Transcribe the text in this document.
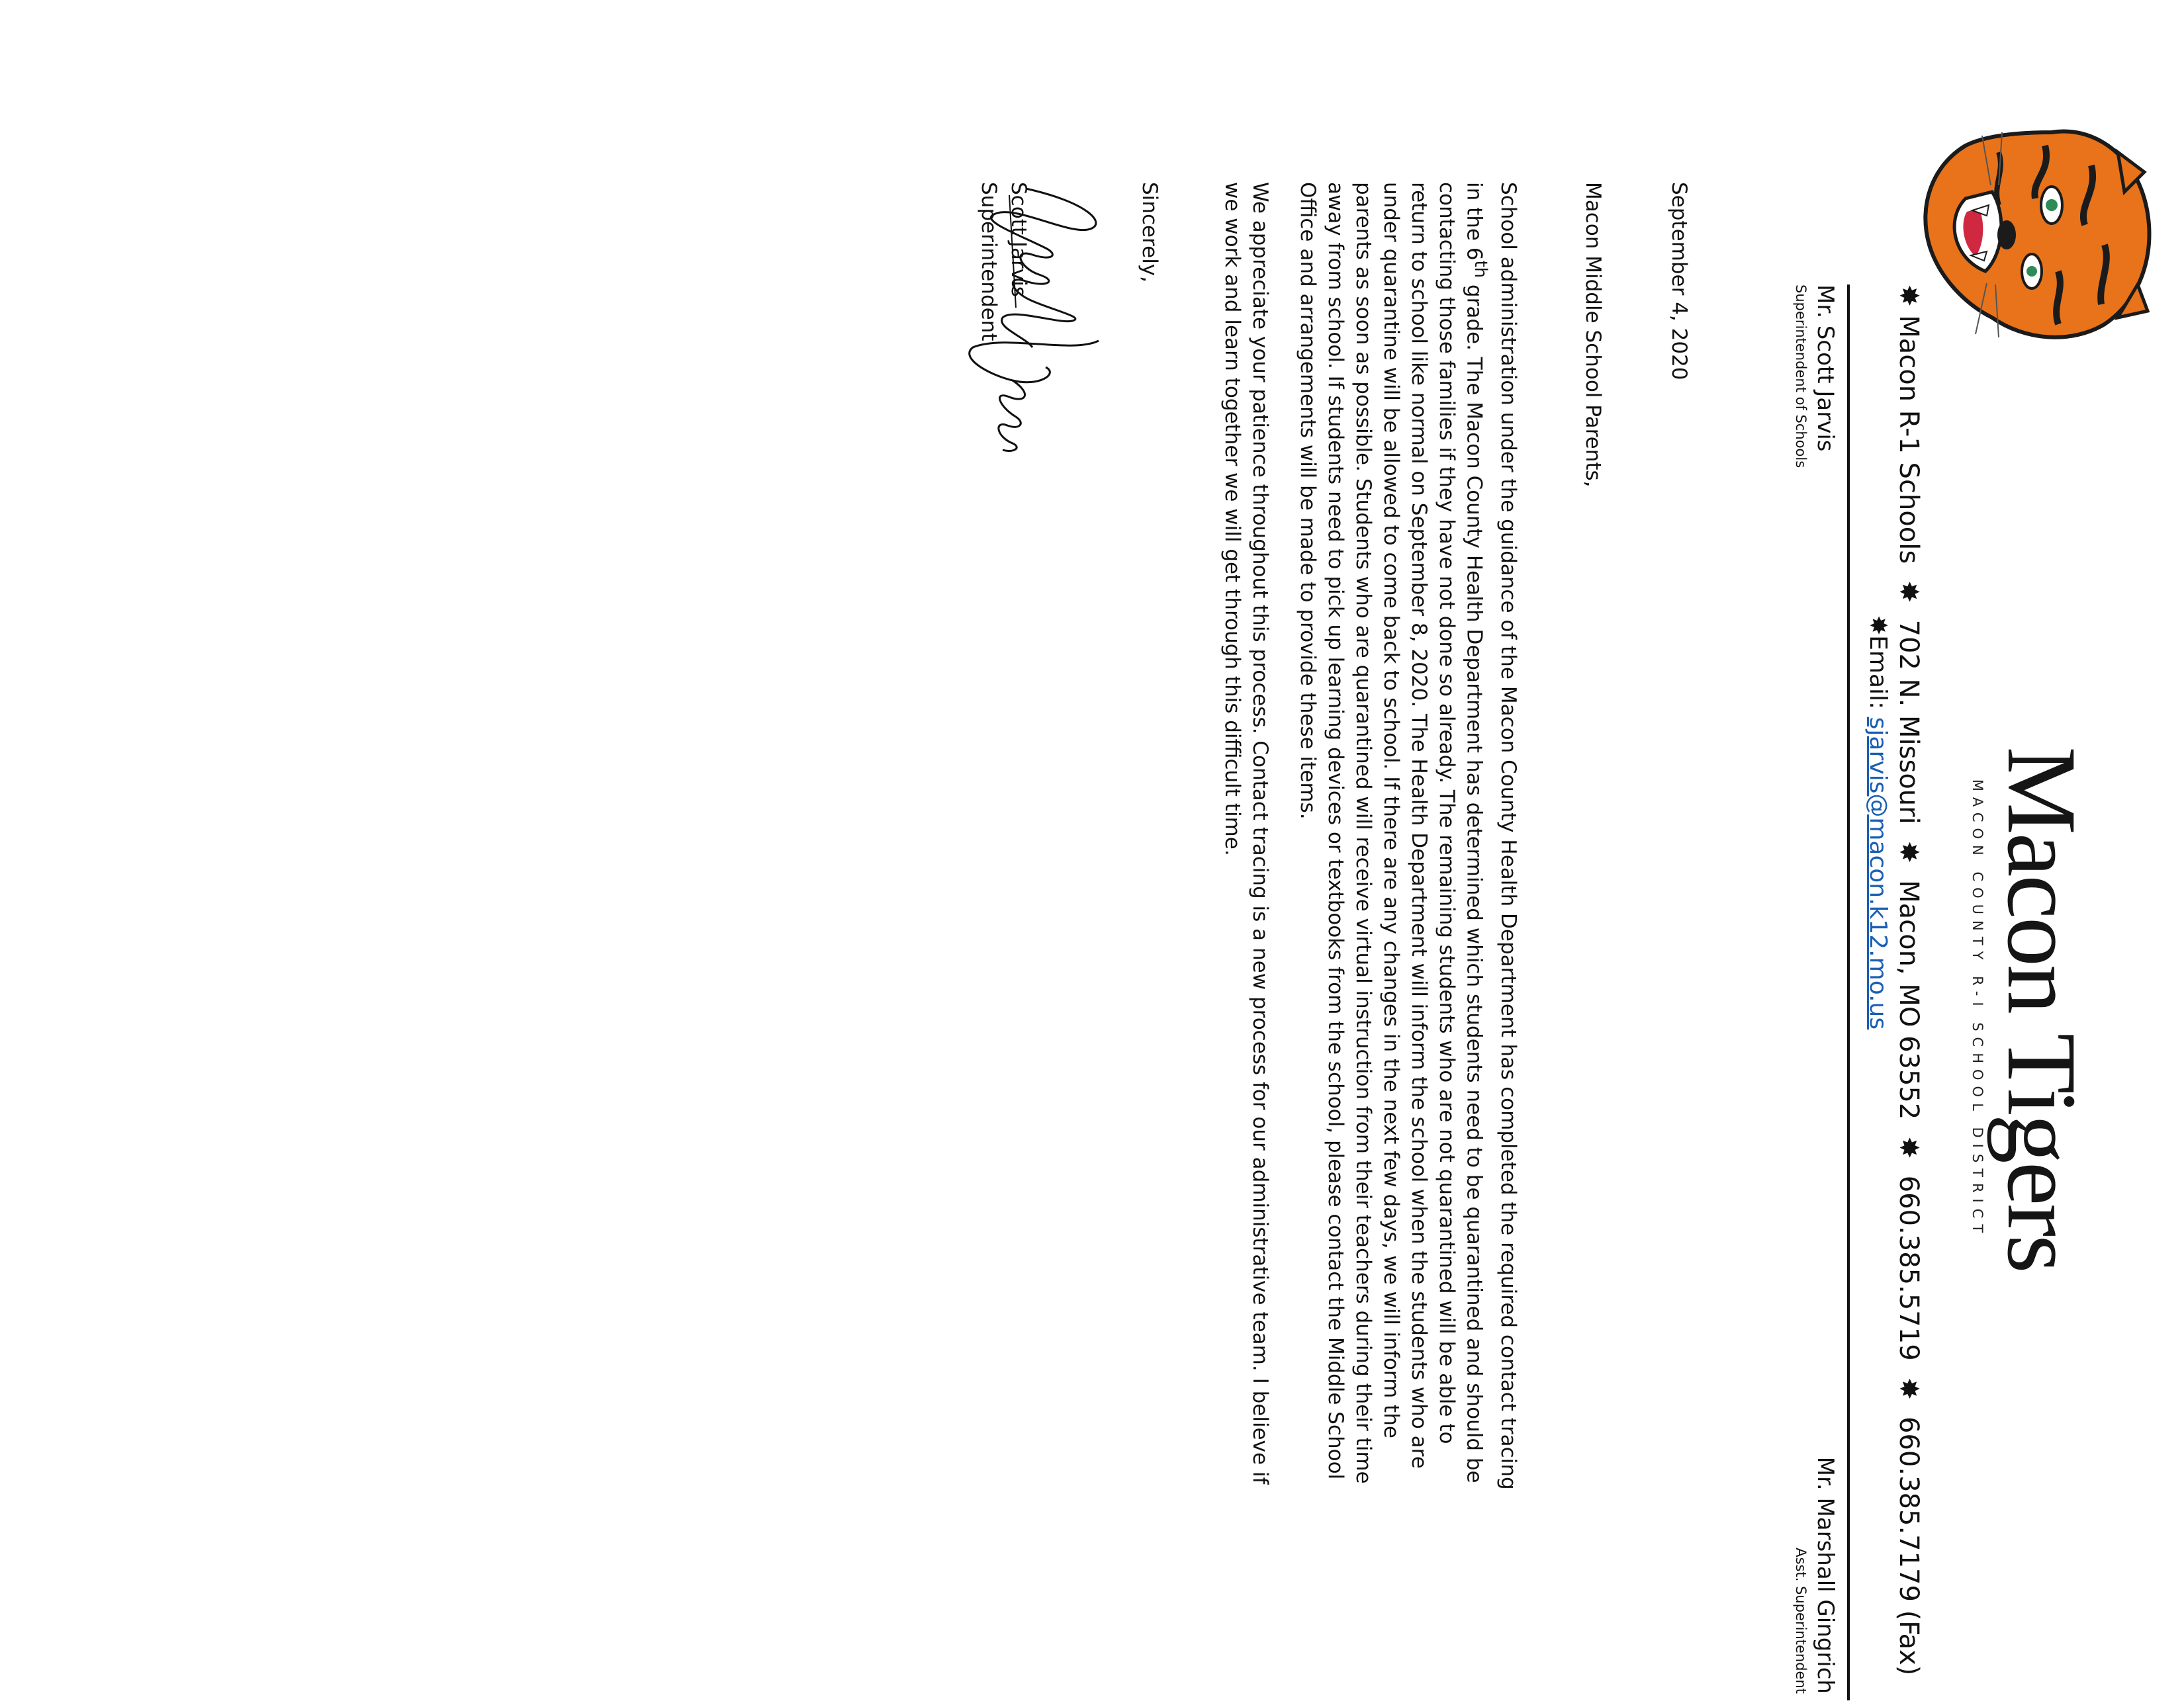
Macon Tigers
MACON COUNTY R-I SCHOOL DISTRICT
✸ Macon R-1 Schools  ✸  702 N. Missouri  ✸  Macon, MO 63552  ✸  660.385.5719  ✸  660.385.7179 (Fax)
✸Email: sjarvis@macon.k12.mo.us
Mr. Scott Jarvis
Superintendent of Schools
Mr. Marshall Gingrich
Asst. Superintendent
September 4, 2020
Macon Middle School Parents,
School administration under the guidance of the Macon County Health Department has completed the required contact tracing in the 6th grade. The Macon County Health Department has determined which students need to be quarantined and should be contacting those families if they have not done so already. The remaining students who are not quarantined will be able to return to school like normal on September 8, 2020. The Health Department will inform the school when the students who are under quarantine will be allowed to come back to school. If there are any changes in the next few days, we will inform the parents as soon as possible. Students who are quarantined will receive virtual instruction from their teachers during their time away from school. If students need to pick up learning devices or textbooks from the school, please contact the Middle School Office and arrangements will be made to provide these items.
We appreciate your patience throughout this process. Contact tracing is a new process for our administrative team. I believe if we work and learn together we will get through this difficult time.
Sincerely,
Scott Jarvis
Superintendent
